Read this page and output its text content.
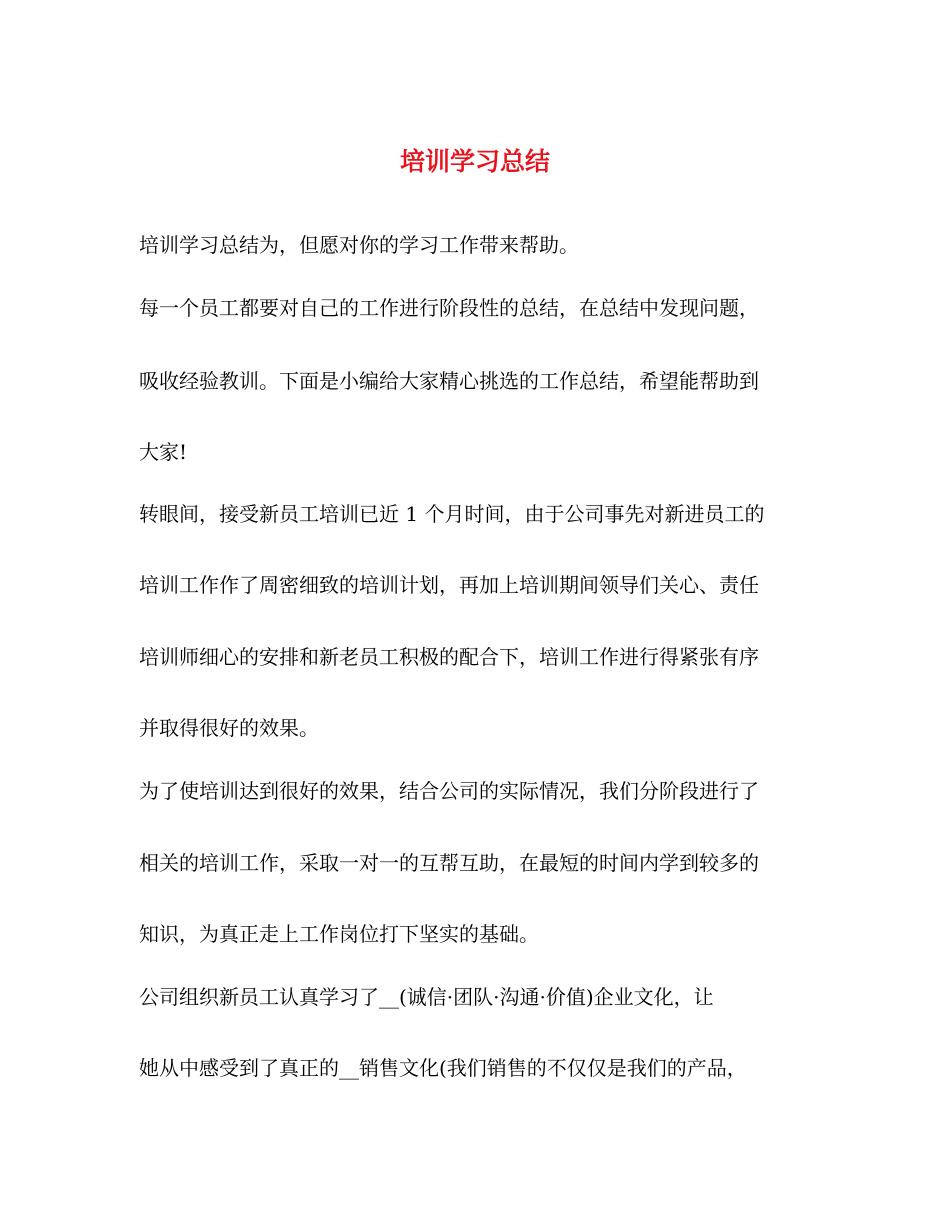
培训学习总结
培训学习总结为，但愿对你的学习工作带来帮助。
每一个员工都要对自己的工作进行阶段性的总结，在总结中发现问题，
吸收经验教训。下面是小编给大家精心挑选的工作总结，希望能帮助到
大家!
转眼间，接受新员工培训已近 1 个月时间，由于公司事先对新进员工的
培训工作作了周密细致的培训计划，再加上培训期间领导们关心、责任
培训师细心的安排和新老员工积极的配合下，培训工作进行得紧张有序
并取得很好的效果。
为了使培训达到很好的效果，结合公司的实际情况，我们分阶段进行了
相关的培训工作，采取一对一的互帮互助，在最短的时间内学到较多的
知识，为真正走上工作岗位打下坚实的基础。
公司组织新员工认真学习了__(诚信·团队·沟通·价值)企业文化，让
她从中感受到了真正的__销售文化(我们销售的不仅仅是我们的产品，
